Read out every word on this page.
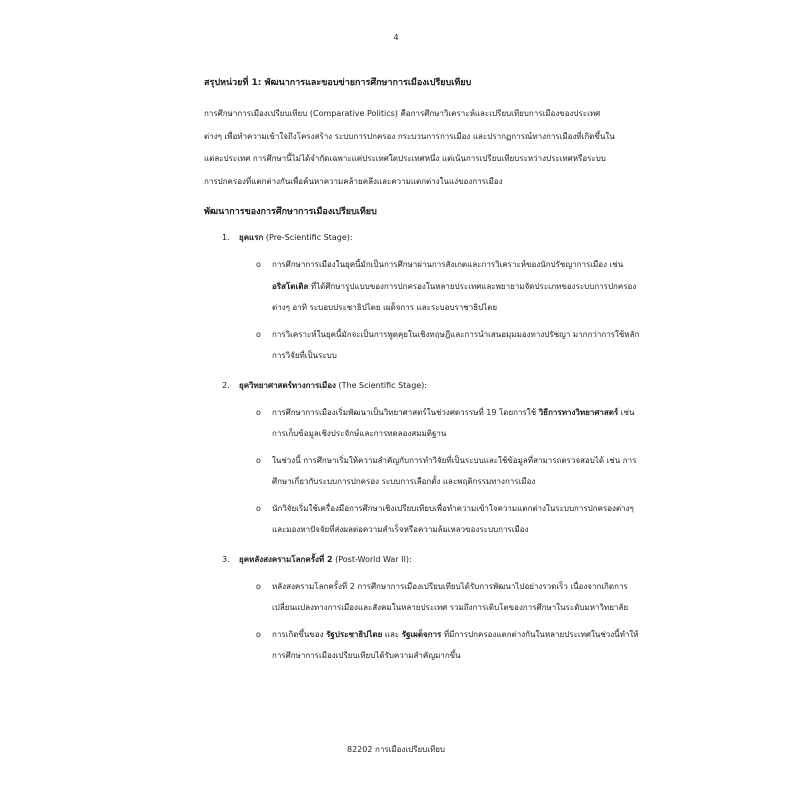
4
สรุปหน่วยที่ 1: พัฒนาการและขอบข่ายการศึกษาการเมืองเปรียบเทียบ

การศึกษาการเมืองเปรียบเทียบ (Comparative Politics) คือการศึกษาวิเคราะห์และเปรียบเทียบการเมืองของประเทศ

ต่างๆ เพื่อทำความเข้าใจถึงโครงสร้าง ระบบการปกครอง กระบวนการการเมือง และปรากฏการณ์ทางการเมืองที่เกิดขึ้นใน

แต่ละประเทศ การศึกษานี้ไม่ได้จำกัดเฉพาะแค่ประเทศใดประเทศหนึ่ง แต่เน้นการเปรียบเทียบระหว่างประเทศหรือระบบ

การปกครองที่แตกต่างกันเพื่อค้นหาความคล้ายคลึงและความแตกต่างในแง่ของการเมือง

พัฒนาการของการศึกษาการเมืองเปรียบเทียบ
1. ยุคแรก (Pre-Scientific Stage):
o การศึกษาการเมืองในยุคนี้มักเป็นการศึกษาผ่านการสังเกตและการวิเคราะห์ของนักปรัชญาการเมือง เช่น อริสโตเติล ที่ได้ศึกษารูปแบบของการปกครองในหลายประเทศและพยายามจัดประเภทของระบบการปกครองต่างๆ อาทิ ระบอบประชาธิปไตย เผด็จการ และระบอบราชาธิปไตย
o การวิเคราะห์ในยุคนี้มักจะเป็นการพูดคุยในเชิงทฤษฎีและการนำเสนอมุมมองทางปรัชญา มากกว่าการใช้หลักการวิจัยที่เป็นระบบ
2. ยุควิทยาศาสตร์ทางการเมือง (The Scientific Stage):
o การศึกษาการเมืองเริ่มพัฒนาเป็นวิทยาศาสตร์ในช่วงศตวรรษที่ 19 โดยการใช้ วิธีการทางวิทยาศาสตร์ เช่น การเก็บข้อมูลเชิงประจักษ์และการทดลองสมมติฐาน
o ในช่วงนี้ การศึกษาเริ่มให้ความสำคัญกับการทำวิจัยที่เป็นระบบและใช้ข้อมูลที่สามารถตรวจสอบได้ เช่น การศึกษาเกี่ยวกับระบบการปกครอง ระบบการเลือกตั้ง และพฤติกรรมทางการเมือง
o นักวิจัยเริ่มใช้เครื่องมือการศึกษาเชิงเปรียบเทียบเพื่อทำความเข้าใจความแตกต่างในระบบการปกครองต่างๆ และมองหาปัจจัยที่ส่งผลต่อความสำเร็จหรือความล้มเหลวของระบบการเมือง
3. ยุคหลังสงครามโลกครั้งที่ 2 (Post-World War II):
o หลังสงครามโลกครั้งที่ 2 การศึกษาการเมืองเปรียบเทียบได้รับการพัฒนาไปอย่างรวดเร็ว เนื่องจากเกิดการเปลี่ยนแปลงทางการเมืองและสังคมในหลายประเทศ รวมถึงการเติบโตของการศึกษาในระดับมหาวิทยาลัย
o การเกิดขึ้นของ รัฐประชาธิปไตย และ รัฐเผด็จการ ที่มีการปกครองแตกต่างกันในหลายประเทศในช่วงนี้ทำให้การศึกษาการเมืองเปรียบเทียบได้รับความสำคัญมากขึ้น
82202 การเมืองเปรียบเทียบ
